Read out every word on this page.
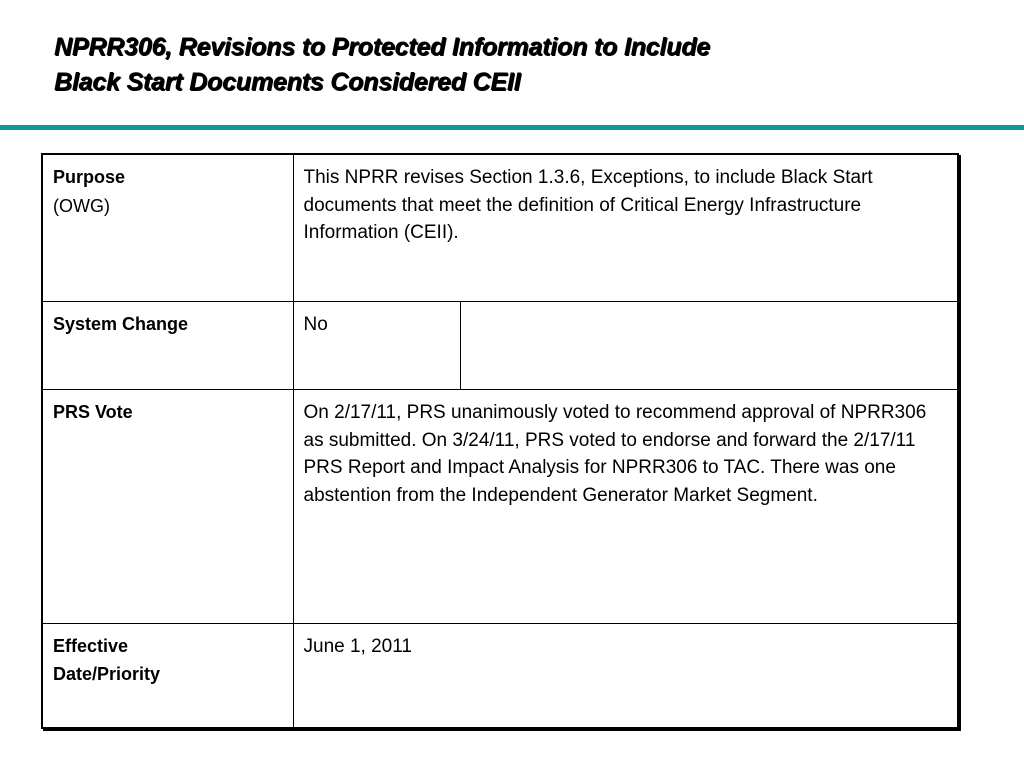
NPRR306, Revisions to Protected Information to Include
Black Start Documents Considered CEII
Purpose
(OWG)	This NPRR revises Section 1.3.6, Exceptions, to include Black Start documents that meet the definition of Critical Energy Infrastructure Information (CEII).	
System Change	No	
PRS Vote	On 2/17/11, PRS unanimously voted to recommend approval of NPRR306 as submitted. On 3/24/11, PRS voted to endorse and forward the 2/17/11 PRS Report and Impact Analysis for NPRR306 to TAC. There was one abstention from the Independent Generator Market Segment.	
Effective
Date/Priority	June 1, 2011	
